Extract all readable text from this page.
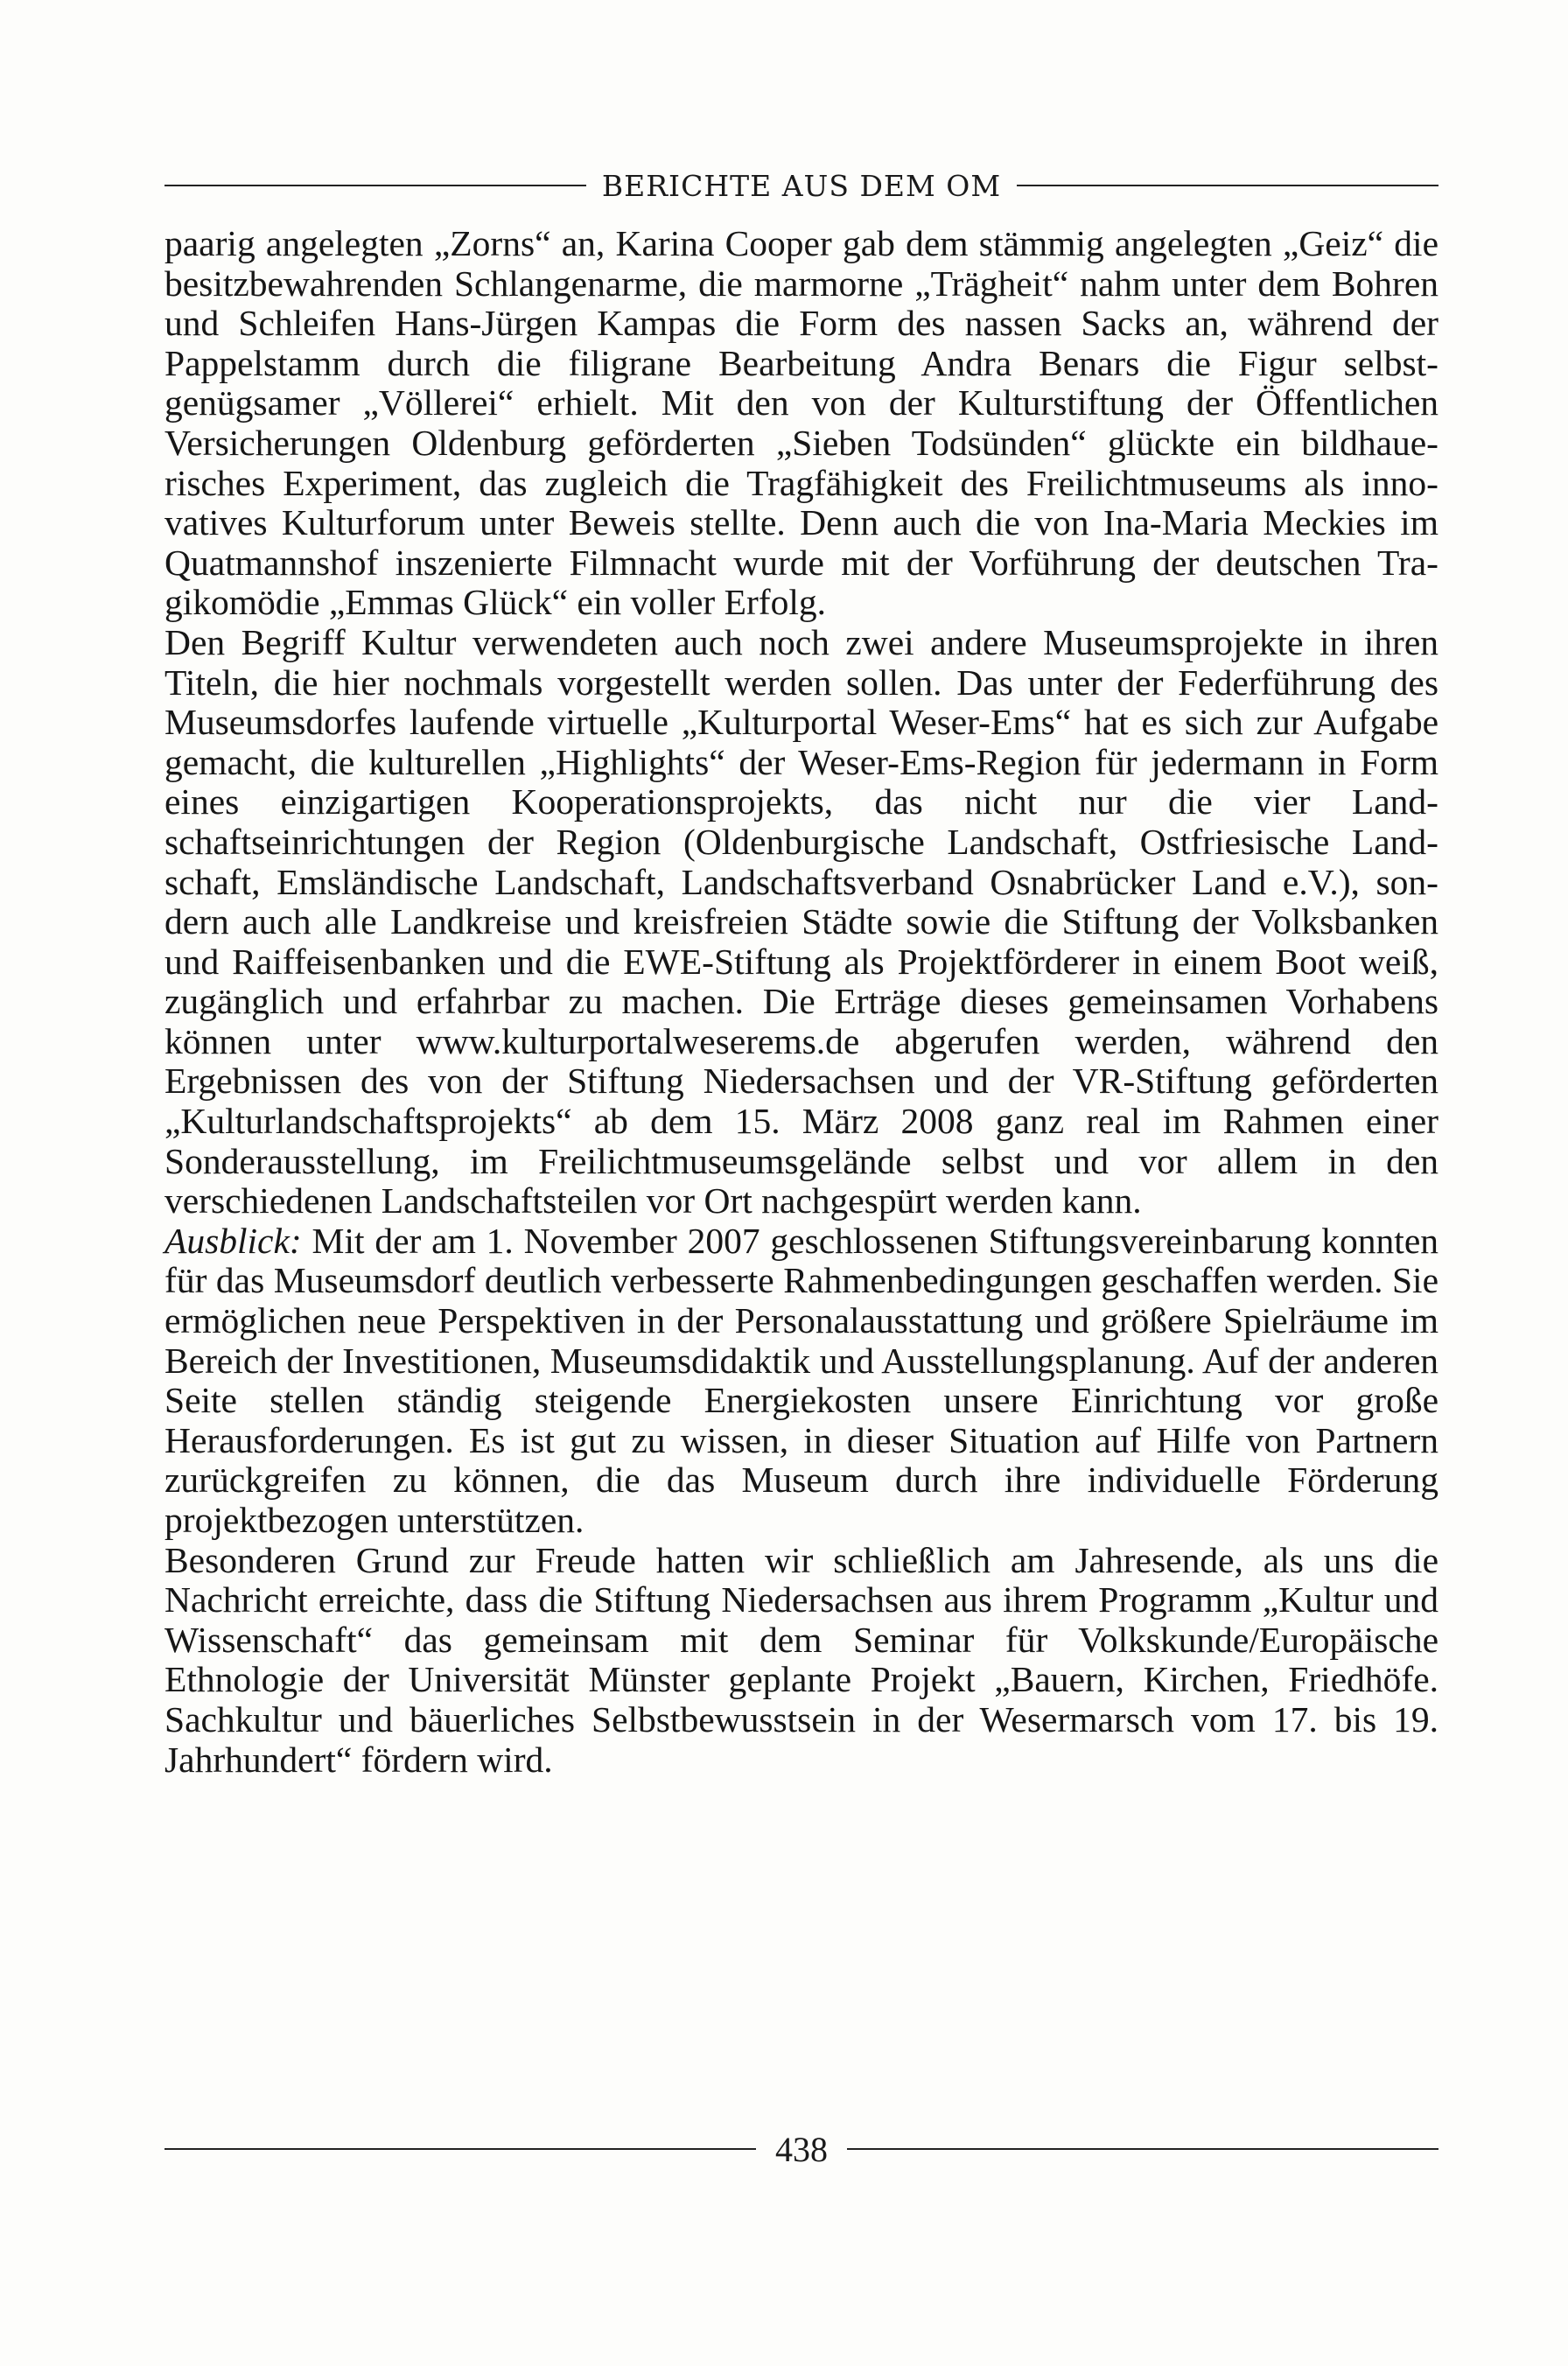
BERICHTE AUS DEM OM

paarig angelegten „Zorns“ an, Karina Cooper gab dem stämmig angelegten „Geiz“ die besitzbewahrenden Schlangenarme, die marmorne „Trägheit“ nahm unter dem Bohren und Schleifen Hans-Jürgen Kampas die Form des nassen Sacks an, während der Pappelstamm durch die filigrane Bearbeitung Andra Benars die Figur selbstgenügsamer „Völlerei“ erhielt. Mit den von der Kulturstiftung der Öffentlichen Versicherungen Oldenburg geförderten „Sieben Todsünden“ glückte ein bildhauerisches Experiment, das zugleich die Tragfähigkeit des Freilichtmuseums als innovatives Kulturforum unter Beweis stellte. Denn auch die von Ina-Maria Meckies im Quatmannshof inszenierte Filmnacht wurde mit der Vorführung der deutschen Tragikomödie „Emmas Glück“ ein voller Erfolg.

Den Begriff Kultur verwendeten auch noch zwei andere Museumsprojekte in ihren Titeln, die hier nochmals vorgestellt werden sollen. Das unter der Federführung des Museumsdorfes laufende virtuelle „Kulturportal Weser-Ems“ hat es sich zur Aufgabe gemacht, die kulturellen „Highlights“ der Weser-Ems-Region für jedermann in Form eines einzigartigen Kooperationsprojekts, das nicht nur die vier Landschaftseinrichtungen der Region (Oldenburgische Landschaft, Ostfriesische Landschaft, Emsländische Landschaft, Landschaftsverband Osnabrücker Land e.V.), sondern auch alle Landkreise und kreisfreien Städte sowie die Stiftung der Volksbanken und Raiffeisenbanken und die EWE-Stiftung als Projektförderer in einem Boot weiß, zugänglich und erfahrbar zu machen. Die Erträge dieses gemeinsamen Vorhabens können unter www.kulturportalweserems.de abgerufen werden, während den Ergebnissen des von der Stiftung Niedersachsen und der VR-Stiftung geförderten „Kulturlandschaftsprojekts“ ab dem 15. März 2008 ganz real im Rahmen einer Sonderausstellung, im Freilichtmuseumsgelände selbst und vor allem in den verschiedenen Landschaftsteilen vor Ort nachgespürt werden kann.

Ausblick: Mit der am 1. November 2007 geschlossenen Stiftungsvereinbarung konnten für das Museumsdorf deutlich verbesserte Rahmenbedingungen geschaffen werden. Sie ermöglichen neue Perspektiven in der Personalausstattung und größere Spielräume im Bereich der Investitionen, Museumsdidaktik und Ausstellungsplanung. Auf der anderen Seite stellen ständig steigende Energiekosten unsere Einrichtung vor große Herausforderungen. Es ist gut zu wissen, in dieser Situation auf Hilfe von Partnern zurückgreifen zu können, die das Museum durch ihre individuelle Förderung projektbezogen unterstützen.

Besonderen Grund zur Freude hatten wir schließlich am Jahresende, als uns die Nachricht erreichte, dass die Stiftung Niedersachsen aus ihrem Programm „Kultur und Wissenschaft“ das gemeinsam mit dem Seminar für Volkskunde/Europäische Ethnologie der Universität Münster geplante Projekt „Bauern, Kirchen, Friedhöfe. Sachkultur und bäuerliches Selbstbewusstsein in der Wesermarsch vom 17. bis 19. Jahrhundert“ fördern wird.

438
